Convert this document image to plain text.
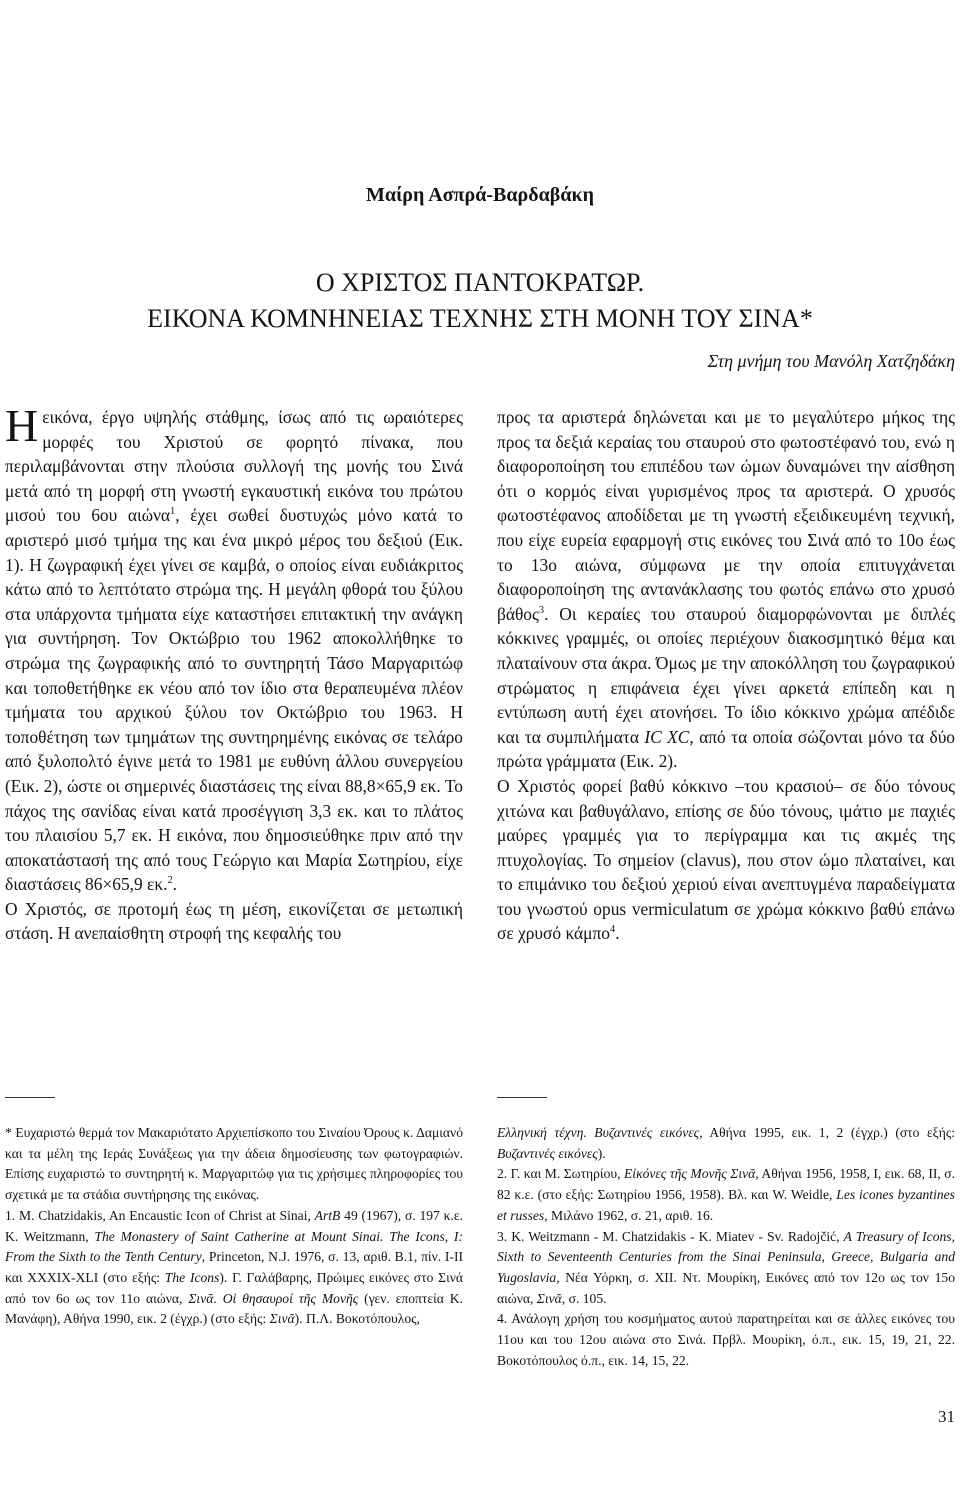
Μαίρη Ασπρά-Βαρδαβάκη
Ο ΧΡΙΣΤΟΣ ΠΑΝΤΟΚΡΑΤΩΡ.
ΕΙΚΟΝΑ ΚΟΜΝΗΝΕΙΑΣ ΤΕΧΝΗΣ ΣΤΗ ΜΟΝΗ ΤΟΥ ΣΙΝΑ*

Στη μνήμη του Μανόλη Χατζηδάκη

Η εικόνα, έργο υψηλής στάθμης, ίσως από τις ωραιότερες μορφές του Χριστού σε φορητό πίνακα, που περιλαμβάνονται στην πλούσια συλλογή της μονής του Σινά μετά από τη μορφή στη γνωστή εγκαυστική εικόνα του πρώτου μισού του 6ου αιώνα$^1$, έχει σωθεί δυστυχώς μόνο κατά το αριστερό μισό τμήμα της και ένα μικρό μέρος του δεξιού (Εικ. 1). Η ζωγραφική έχει γίνει σε καμβά, ο οποίος είναι ευδιάκριτος κάτω από το λεπτότατο στρώμα της. Η μεγάλη φθορά του ξύλου στα υπάρχοντα τμήματα είχε καταστήσει επιτακτική την ανάγκη για συντήρηση. Τον Οκτώβριο του 1962 αποκολλήθηκε το στρώμα της ζωγραφικής από το συντηρητή Τάσο Μαργαριτώφ και τοποθετήθηκε εκ νέου από τον ίδιο στα θεραπευμένα πλέον τμήματα του αρχικού ξύλου τον Οκτώβριο του 1963. Η τοποθέτηση των τμημάτων της συντηρημένης εικόνας σε τελάρο από ξυλοπολτό έγινε μετά το 1981 με ευθύνη άλλου συνεργείου (Εικ. 2), ώστε οι σημερινές διαστάσεις της είναι 88,8×65,9 εκ. Το πάχος της σανίδας είναι κατά προσέγγιση 3,3 εκ. και το πλάτος του πλαισίου 5,7 εκ. Η εικόνα, που δημοσιεύθηκε πριν από την αποκατάστασή της από τους Γεώργιο και Μαρία Σωτηρίου, είχε διαστάσεις 86×65,9 εκ.$^2$.

Ο Χριστός, σε προτομή έως τη μέση, εικονίζεται σε μετωπική στάση. Η ανεπαίσθητη στροφή της κεφαλής του

προς τα αριστερά δηλώνεται και με το μεγαλύτερο μήκος της προς τα δεξιά κεραίας του σταυρού στο φωτοστέφανό του, ενώ η διαφοροποίηση του επιπέδου των ώμων δυναμώνει την αίσθηση ότι ο κορμός είναι γυρισμένος προς τα αριστερά. Ο χρυσός φωτοστέφανος αποδίδεται με τη γνωστή εξειδικευμένη τεχνική, που είχε ευρεία εφαρμογή στις εικόνες του Σινά από το 10ο έως το 13ο αιώνα, σύμφωνα με την οποία επιτυγχάνεται διαφοροποίηση της αντανάκλασης του φωτός επάνω στο χρυσό βάθος$^3$. Οι κεραίες του σταυρού διαμορφώνονται με διπλές κόκκινες γραμμές, οι οποίες περιέχουν διακοσμητικό θέμα και πλαταίνουν στα άκρα. Όμως με την αποκόλληση του ζωγραφικού στρώματος η επιφάνεια έχει γίνει αρκετά επίπεδη και η εντύπωση αυτή έχει ατονήσει. Το ίδιο κόκκινο χρώμα απέδιδε και τα συμπιλήματα IC XC, από τα οποία σώζονται μόνο τα δύο πρώτα γράμματα (Εικ. 2).

Ο Χριστός φορεί βαθύ κόκκινο –του κρασιού– σε δύο τόνους χιτώνα και βαθυγάλανο, επίσης σε δύο τόνους, ιμάτιο με παχιές μαύρες γραμμές για το περίγραμμα και τις ακμές της πτυχολογίας. Το σημείον (clavus), που στον ώμο πλαταίνει, και το επιμάνικο του δεξιού χεριού είναι ανεπτυγμένα παραδείγματα του γνωστού opus vermiculatum σε χρώμα κόκκινο βαθύ επάνω σε χρυσό κάμπο$^4$.

* Ευχαριστώ θερμά τον Μακαριότατο Αρχιεπίσκοπο του Σιναίου Όρους κ. Δαμιανό και τα μέλη της Ιεράς Συνάξεως για την άδεια δημοσίευσης των φωτογραφιών. Επίσης ευχαριστώ το συντηρητή κ. Μαργαριτώφ για τις χρήσιμες πληροφορίες του σχετικά με τα στάδια συντήρησης της εικόνας.

1. M. Chatzidakis, An Encaustic Icon of Christ at Sinai, ArtB 49 (1967), σ. 197 κ.ε. K. Weitzmann, The Monastery of Saint Catherine at Mount Sinai. The Icons, I: From the Sixth to the Tenth Century, Princeton, N.J. 1976, σ. 13, αριθ. B.1, πίν. I-II και XXXIX-XLI (στο εξής: The Icons). Γ. Γαλάβαρης, Πρώιμες εικόνες στο Σινά από τον 6ο ως τον 11ο αιώνα, Σινᾶ. Οἱ θησαυροί τῆς Μονῆς (γεν. εποπτεία Κ. Μανάφη), Αθήνα 1990, εικ. 2 (έγχρ.) (στο εξής: Σινᾶ). Π.Λ. Βοκοτόπουλος,

Ελληνική τέχνη. Βυζαντινές εικόνες, Αθήνα 1995, εικ. 1, 2 (έγχρ.) (στο εξής: Βυζαντινές εικόνες).

2. Γ. και Μ. Σωτηρίου, Εἰκόνες τῆς Μονῆς Σινᾶ, Αθήναι 1956, 1958, I, εικ. 68, II, σ. 82 κ.ε. (στο εξής: Σωτηρίου 1956, 1958). Βλ. και W. Weidle, Les icones byzantines et russes, Μιλάνο 1962, σ. 21, αριθ. 16.

3. K. Weitzmann - M. Chatzidakis - K. Miatev - Sv. Radojčić, A Treasury of Icons, Sixth to Seventeenth Centuries from the Sinai Peninsula, Greece, Bulgaria and Yugoslavia, Νέα Υόρκη, σ. XII. Ντ. Μουρίκη, Εικόνες από τον 12ο ως τον 15ο αιώνα, Σινᾶ, σ. 105.

4. Ανάλογη χρήση του κοσμήματος αυτού παρατηρείται και σε άλλες εικόνες του 11ου και του 12ου αιώνα στο Σινά. Πρβλ. Μουρίκη, ό.π., εικ. 15, 19, 21, 22. Βοκοτόπουλος ό.π., εικ. 14, 15, 22.

31
